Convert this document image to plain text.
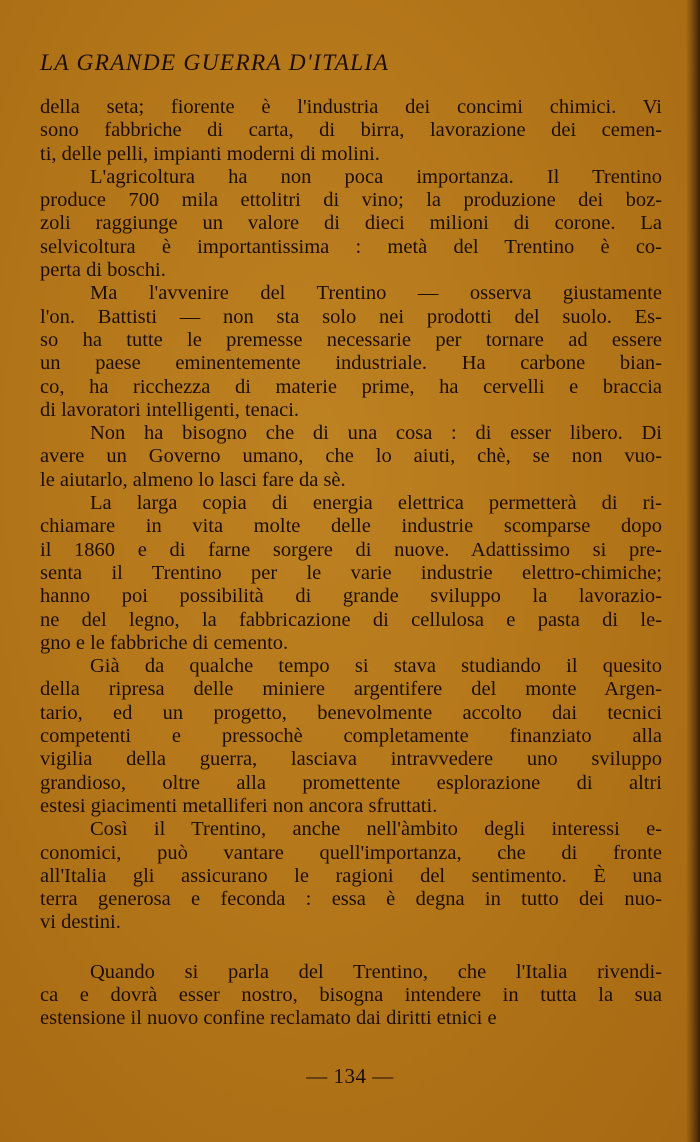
LA GRANDE GUERRA D'ITALIA
della seta; fiorente è l'industria dei concimi chimici. Vi
sono fabbriche di carta, di birra, lavorazione dei cemen-
ti, delle pelli, impianti moderni di molini.
L'agricoltura ha non poca importanza. Il Trentino
produce 700 mila ettolitri di vino; la produzione dei boz-
zoli raggiunge un valore di dieci milioni di corone. La
selvicoltura è importantissima : metà del Trentino è co-
perta di boschi.
Ma l'avvenire del Trentino — osserva giustamente
l'on. Battisti — non sta solo nei prodotti del suolo. Es-
so ha tutte le premesse necessarie per tornare ad essere
un paese eminentemente industriale. Ha carbone bian-
co, ha ricchezza di materie prime, ha cervelli e braccia
di lavoratori intelligenti, tenaci.
Non ha bisogno che di una cosa : di esser libero. Di
avere un Governo umano, che lo aiuti, chè, se non vuo-
le aiutarlo, almeno lo lasci fare da sè.
La larga copia di energia elettrica permetterà di ri-
chiamare in vita molte delle industrie scomparse dopo
il 1860 e di farne sorgere di nuove. Adattissimo si pre-
senta il Trentino per le varie industrie elettro-chimiche;
hanno poi possibilità di grande sviluppo la lavorazio-
ne del legno, la fabbricazione di cellulosa e pasta di le-
gno e le fabbriche di cemento.
Già da qualche tempo si stava studiando il quesito
della ripresa delle miniere argentifere del monte Argen-
tario, ed un progetto, benevolmente accolto dai tecnici
competenti e pressochè completamente finanziato alla
vigilia della guerra, lasciava intravvedere uno sviluppo
grandioso, oltre alla promettente esplorazione di altri
estesi giacimenti metalliferi non ancora sfruttati.
Così il Trentino, anche nell'àmbito degli interessi e-
conomici, può vantare quell'importanza, che di fronte
all'Italia gli assicurano le ragioni del sentimento. È una
terra generosa e feconda : essa è degna in tutto dei nuo-
vi destini.
Quando si parla del Trentino, che l'Italia rivendi-
ca e dovrà esser nostro, bisogna intendere in tutta la sua
estensione il nuovo confine reclamato dai diritti etnici e
— 134 —
